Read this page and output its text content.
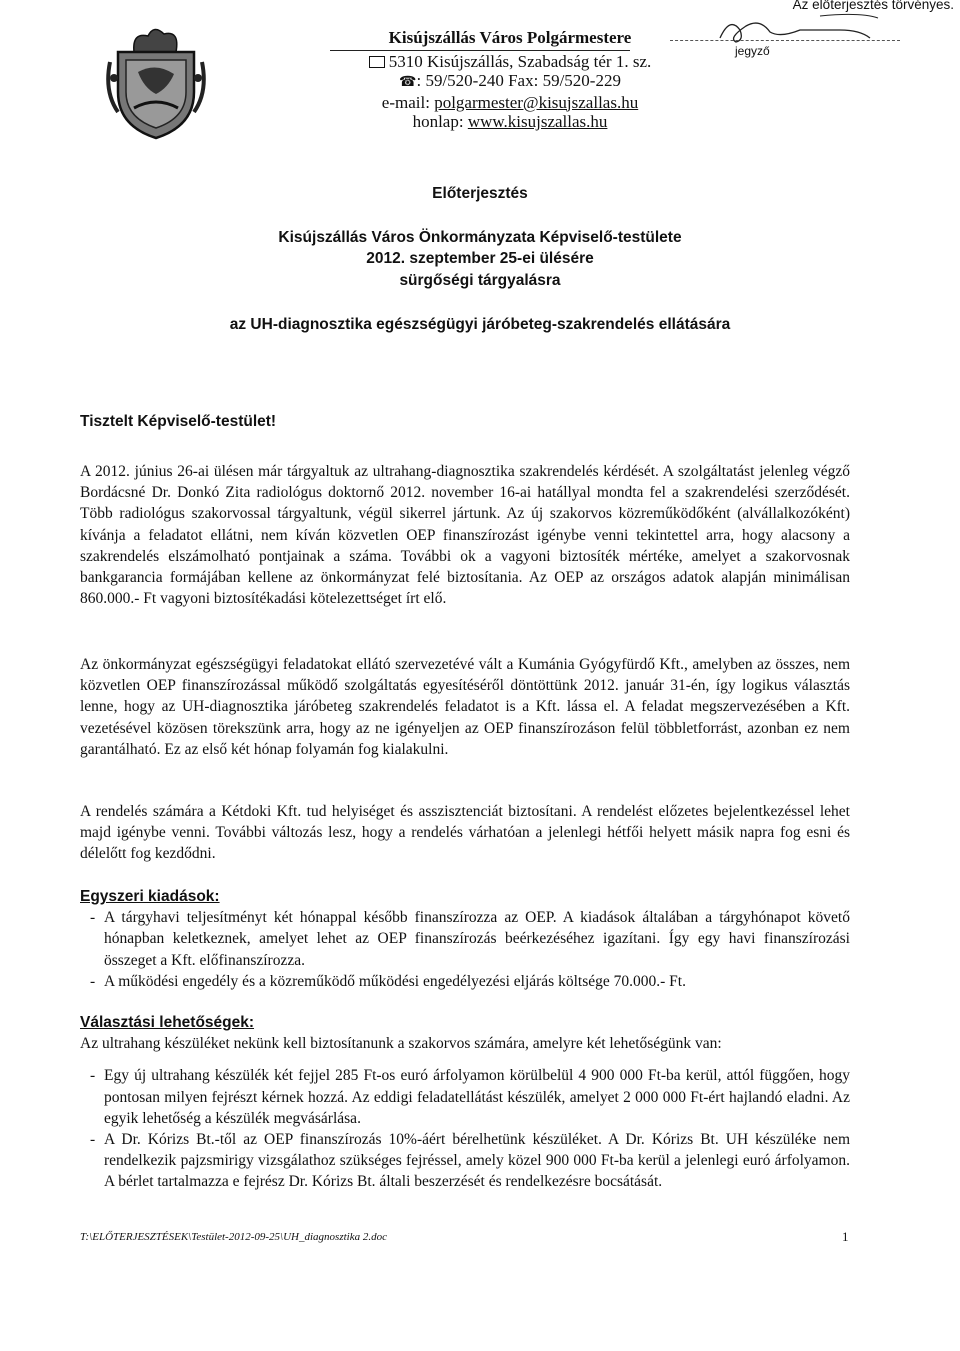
Kisújszállás Város Polgármestere
5310 Kisújszállás, Szabadság tér 1. sz.
☎: 59/520-240 Fax: 59/520-229
e-mail: polgarmester@kisujszallas.hu
honlap: www.kisujszallas.hu
Az előterjesztés törvényes.
jegyző
Előterjesztés
Kisújszállás Város Önkormányzata Képviselő-testülete
2012. szeptember 25-ei ülésére
sürgőségi tárgyalásra
az UH-diagnosztika egészségügyi járóbeteg-szakrendelés ellátására
Tisztelt Képviselő-testület!

A 2012. június 26-ai ülésen már tárgyaltuk az ultrahang-diagnosztika szakrendelés kérdését. A szolgáltatást jelenleg végző Bordácsné Dr. Donkó Zita radiológus doktornő 2012. november 16-ai hatállyal mondta fel a szakrendelési szerződését. Több radiológus szakorvossal tárgyaltunk, végül sikerrel jártunk. Az új szakorvos közreműködőként (alvállalkozóként) kívánja a feladatot ellátni, nem kíván közvetlen OEP finanszírozást igénybe venni tekintettel arra, hogy alacsony a szakrendelés elszámolható pontjainak a száma. További ok a vagyoni biztosíték mértéke, amelyet a szakorvosnak bankgarancia formájában kellene az önkormányzat felé biztosítania. Az OEP az országos adatok alapján minimálisan 860.000.- Ft vagyoni biztosítékadási kötelezettséget írt elő.

Az önkormányzat egészségügyi feladatokat ellátó szervezetévé vált a Kumánia Gyógyfürdő Kft., amelyben az összes, nem közvetlen OEP finanszírozással működő szolgáltatás egyesítéséről döntöttünk 2012. január 31-én, így logikus választás lenne, hogy az UH-diagnosztika járóbeteg szakrendelés feladatot is a Kft. lássa el. A feladat megszervezésében a Kft. vezetésével közösen törekszünk arra, hogy az ne igényeljen az OEP finanszírozáson felül többletforrást, azonban ez nem garantálható. Ez az első két hónap folyamán fog kialakulni.

A rendelés számára a Kétdoki Kft. tud helyiséget és asszisztenciát biztosítani. A rendelést előzetes bejelentkezéssel lehet majd igénybe venni. További változás lesz, hogy a rendelés várhatóan a jelenlegi hétfői helyett másik napra fog esni és délelőtt fog kezdődni.

Egyszeri kiadások:
- A tárgyhavi teljesítményt két hónappal később finanszírozza az OEP. A kiadások általában a tárgyhónapot követő hónapban keletkeznek, amelyet lehet az OEP finanszírozás beérkezéséhez igazítani. Így egy havi finanszírozási összeget a Kft. előfinanszírozza.
- A működési engedély és a közreműködő működési engedélyezési eljárás költsége 70.000.- Ft.
Választási lehetőségek:

Az ultrahang készüléket nekünk kell biztosítanunk a szakorvos számára, amelyre két lehetőségünk van:

- Egy új ultrahang készülék két fejjel 285 Ft-os euró árfolyamon körülbelül 4 900 000 Ft-ba kerül, attól függően, hogy pontosan milyen fejrészt kérnek hozzá. Az eddigi feladatellátást készülék, amelyet 2 000 000 Ft-ért hajlandó eladni. Az egyik lehetőség a készülék megvásárlása.
- A Dr. Kórizs Bt.-től az OEP finanszírozás 10%-áért bérelhetünk készüléket. A Dr. Kórizs Bt. UH készüléke nem rendelkezik pajzsmirigy vizsgálathoz szükséges fejréssel, amely közel 900 000 Ft-ba kerül a jelenlegi euró árfolyamon. A bérlet tartalmazza e fejrész Dr. Kórizs Bt. általi beszerzését és rendelkezésre bocsátását.
T:\ELŐTERJESZTÉSEK\Testület-2012-09-25\UH_diagnosztika 2.doc	1
